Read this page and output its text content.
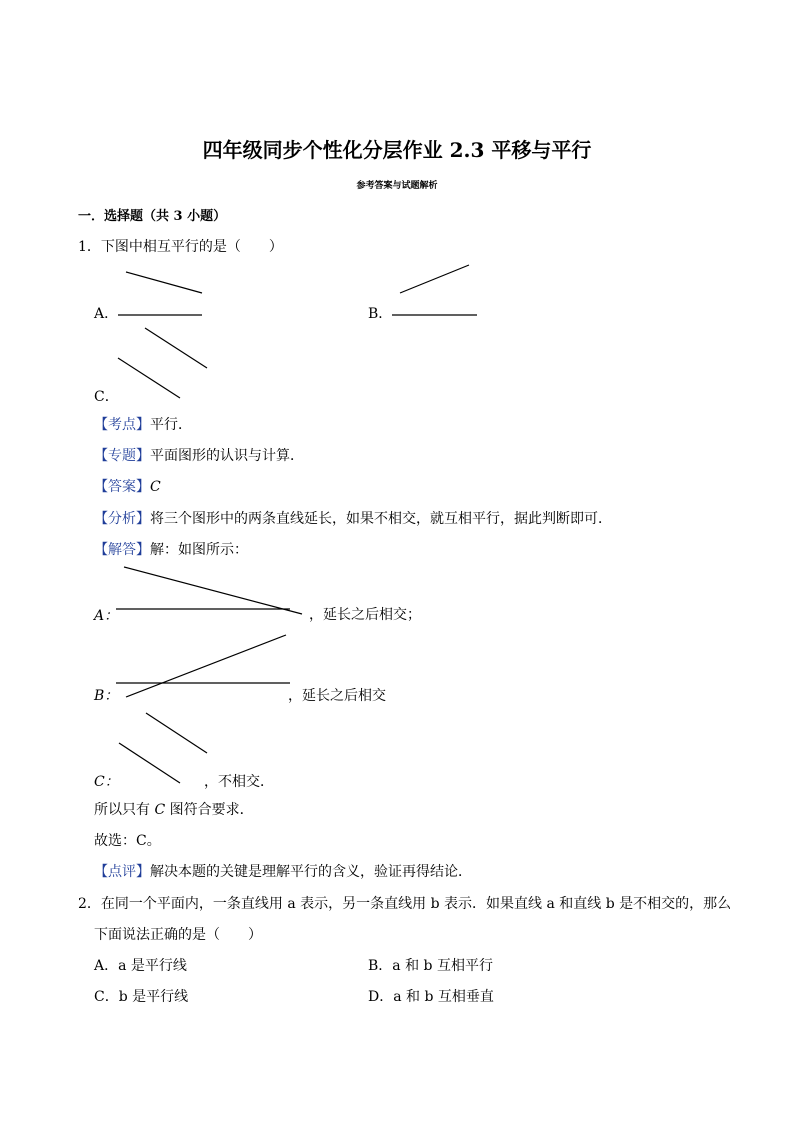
四年级同步个性化分层作业 2.3 平移与平行
参考答案与试题解析
一．选择题（共 3 小题）
1．下图中相互平行的是（　　）
A．	B．
C．
【考点】平行．
【专题】平面图形的认识与计算．
【答案】C
【分析】将三个图形中的两条直线延长，如果不相交，就互相平行，据此判断即可．
【解答】解：如图所示：
A：	，延长之后相交；
B：	，延长之后相交
C：	，不相交．
所以只有 C 图符合要求．
故选：C。
【点评】解决本题的关键是理解平行的含义，验证再得结论．
2．在同一个平面内，一条直线用 a 表示，另一条直线用 b 表示．如果直线 a 和直线 b 是不相交的，那么
下面说法正确的是（　　）
A．a 是平行线	B．a 和 b 互相平行
C．b 是平行线	D．a 和 b 互相垂直
